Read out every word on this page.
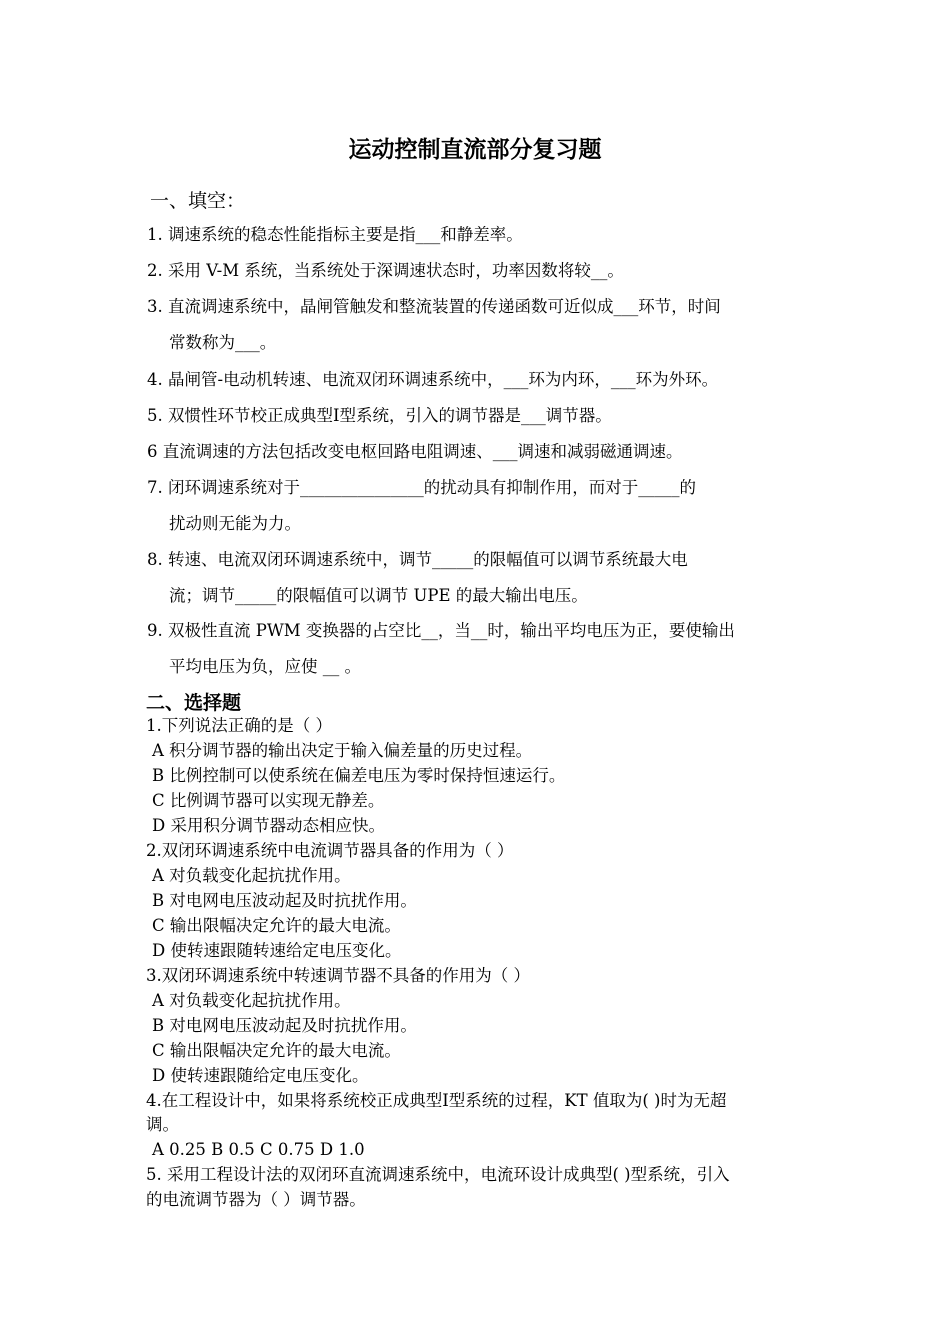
运动控制直流部分复习题
一、填空：
1. 调速系统的稳态性能指标主要是指___和静差率。
2. 采用 V-M 系统，当系统处于深调速状态时，功率因数将较__。
3. 直流调速系统中，晶闸管触发和整流装置的传递函数可近似成___环节，时间
常数称为___。
4. 晶闸管-电动机转速、电流双闭环调速系统中，___环为内环，___环为外环。
5. 双惯性环节校正成典型Ⅰ型系统，引入的调节器是___调节器。
6 直流调速的方法包括改变电枢回路电阻调速、___调速和减弱磁通调速。
7. 闭环调速系统对于_______________的扰动具有抑制作用，而对于_____的
扰动则无能为力。
8. 转速、电流双闭环调速系统中，调节_____的限幅值可以调节系统最大电
流；调节_____的限幅值可以调节 UPE 的最大输出电压。
9. 双极性直流 PWM 变换器的占空比__，当__时，输出平均电压为正，要使输出
平均电压为负，应使 __ 。
二、选择题
1.下列说法正确的是（ ）
A 积分调节器的输出决定于输入偏差量的历史过程。
B 比例控制可以使系统在偏差电压为零时保持恒速运行。
C 比例调节器可以实现无静差。
D 采用积分调节器动态相应快。
2.双闭环调速系统中电流调节器具备的作用为（ ）
A 对负载变化起抗扰作用。
B 对电网电压波动起及时抗扰作用。
C 输出限幅决定允许的最大电流。
D 使转速跟随转速给定电压变化。
3.双闭环调速系统中转速调节器不具备的作用为（ ）
A 对负载变化起抗扰作用。
B 对电网电压波动起及时抗扰作用。
C 输出限幅决定允许的最大电流。
D 使转速跟随给定电压变化。
4.在工程设计中，如果将系统校正成典型Ⅰ型系统的过程，KT 值取为( )时为无超
调。
A 0.25 B 0.5 C 0.75 D 1.0
5. 采用工程设计法的双闭环直流调速系统中，电流环设计成典型( )型系统，引入
的电流调节器为（ ）调节器。
